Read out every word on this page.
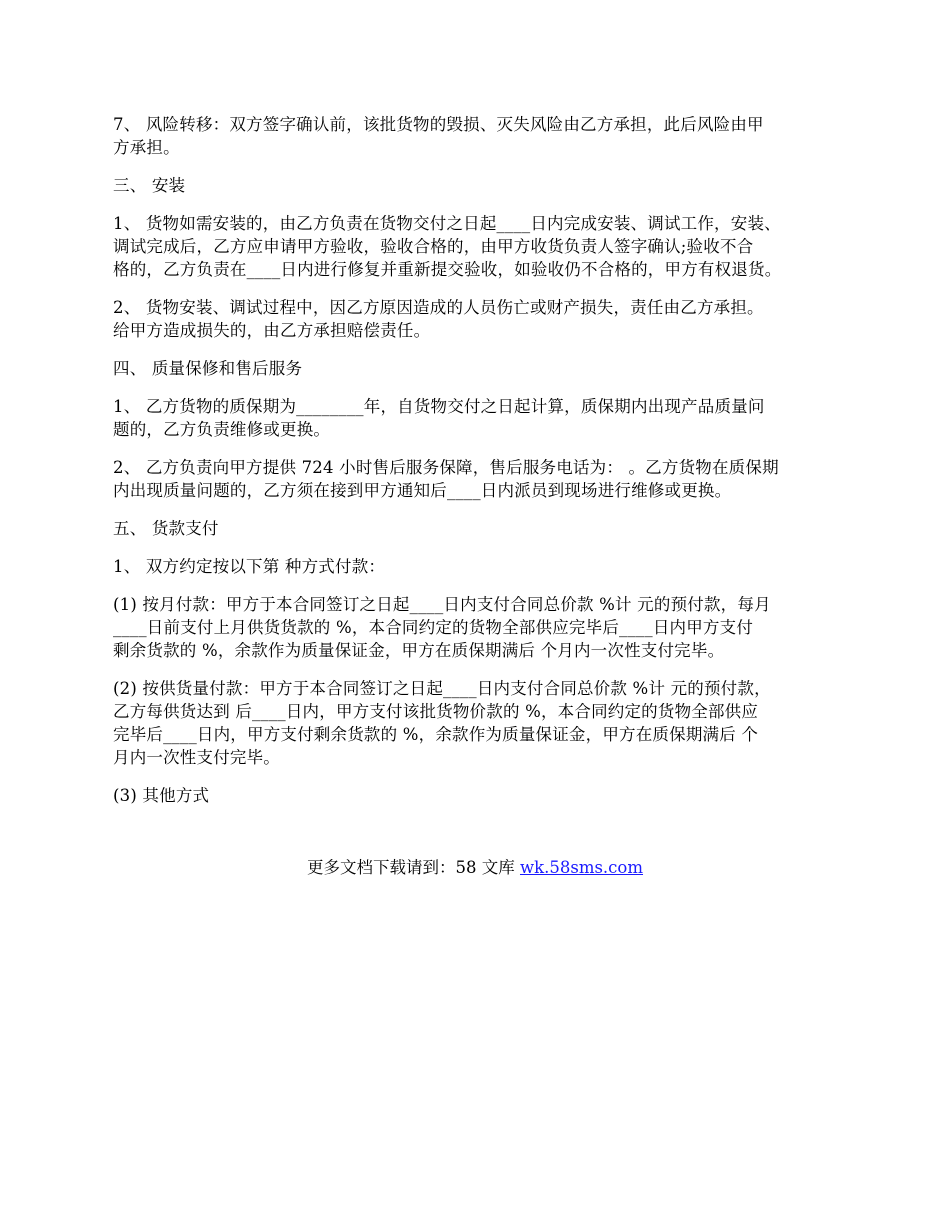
7、 风险转移：双方签字确认前，该批货物的毁损、灭失风险由乙方承担，此后风险由甲
方承担。

三、 安装

1、 货物如需安装的，由乙方负责在货物交付之日起____日内完成安装、调试工作，安装、
调试完成后，乙方应申请甲方验收，验收合格的，由甲方收货负责人签字确认;验收不合
格的，乙方负责在____日内进行修复并重新提交验收，如验收仍不合格的，甲方有权退货。

2、 货物安装、调试过程中，因乙方原因造成的人员伤亡或财产损失，责任由乙方承担。
给甲方造成损失的，由乙方承担赔偿责任。

四、 质量保修和售后服务

1、 乙方货物的质保期为________年，自货物交付之日起计算，质保期内出现产品质量问
题的，乙方负责维修或更换。

2、 乙方负责向甲方提供 724 小时售后服务保障，售后服务电话为： 。乙方货物在质保期
内出现质量问题的，乙方须在接到甲方通知后____日内派员到现场进行维修或更换。

五、 货款支付

1、 双方约定按以下第 种方式付款：

(1) 按月付款：甲方于本合同签订之日起____日内支付合同总价款 %计 元的预付款，每月
____日前支付上月供货货款的 %，本合同约定的货物全部供应完毕后____日内甲方支付
剩余货款的 %，余款作为质量保证金，甲方在质保期满后 个月内一次性支付完毕。

(2) 按供货量付款：甲方于本合同签订之日起____日内支付合同总价款 %计 元的预付款，
乙方每供货达到 后____日内，甲方支付该批货物价款的 %，本合同约定的货物全部供应
完毕后____日内，甲方支付剩余货款的 %，余款作为质量保证金，甲方在质保期满后 个
月内一次性支付完毕。

(3) 其他方式

更多文档下载请到：58 文库 wk.58sms.com
